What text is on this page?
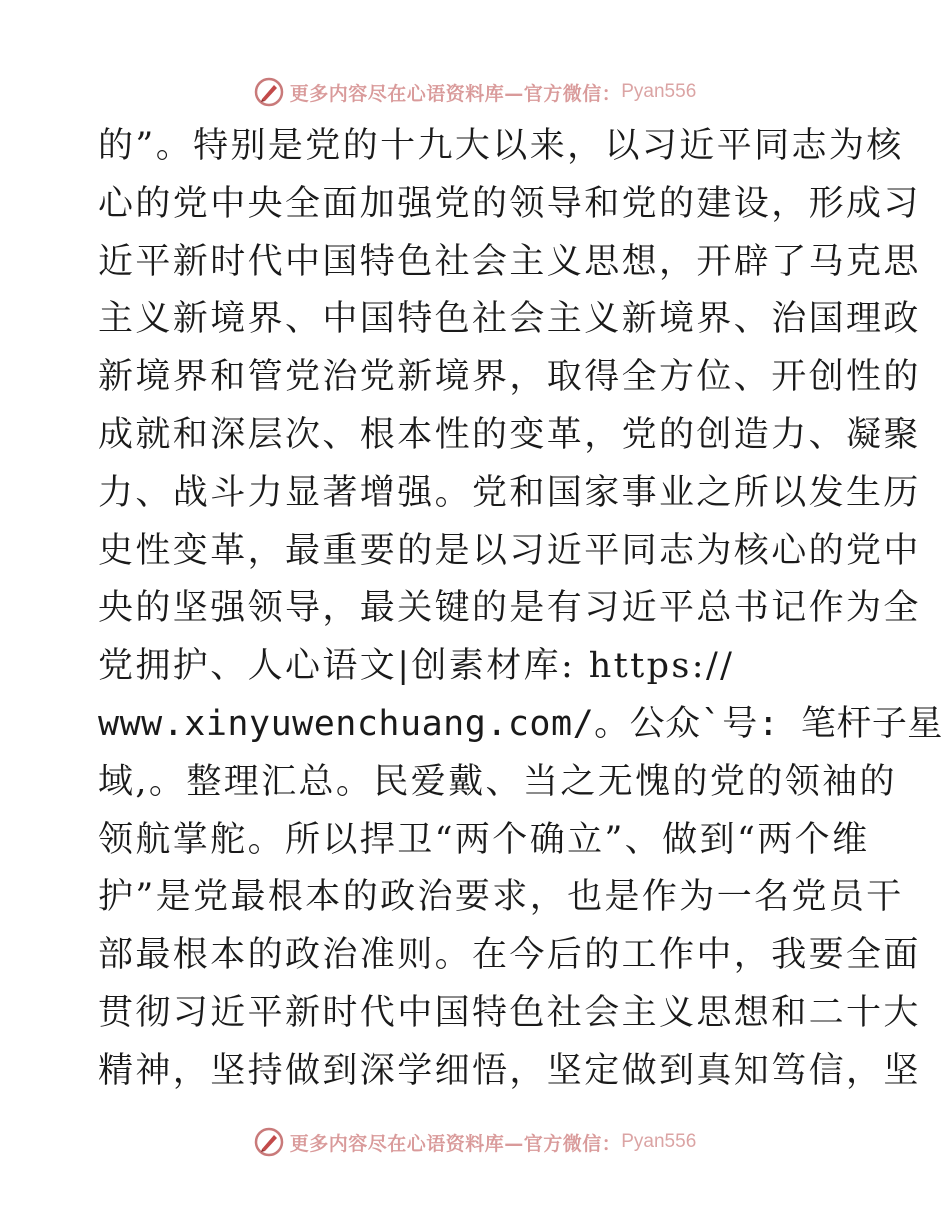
更多内容尽在心语资料库—官方微信： Pyan556
的”。特别是党的十九大以来，以习近平同志为核
心的党中央全面加强党的领导和党的建设，形成习
近平新时代中国特色社会主义思想，开辟了马克思
主义新境界、中国特色社会主义新境界、治国理政
新境界和管党治党新境界，取得全方位、开创性的
成就和深层次、根本性的变革，党的创造力、凝聚
力、战斗力显著增强。党和国家事业之所以发生历
史性变革，最重要的是以习近平同志为核心的党中
央的坚强领导，最关键的是有习近平总书记作为全
党拥护、人心语文|创素材库: https://
www.xinyuwenchuang.com/。公众`号: 笔杆子星
域,。整理汇总。民爱戴、当之无愧的党的领袖的
领航掌舵。所以捍卫“两个确立”、做到“两个维
护”是党最根本的政治要求，也是作为一名党员干
部最根本的政治准则。在今后的工作中，我要全面
贯彻习近平新时代中国特色社会主义思想和二十大
精神，坚持做到深学细悟，坚定做到真知笃信，坚
更多内容尽在心语资料库—官方微信： Pyan556
